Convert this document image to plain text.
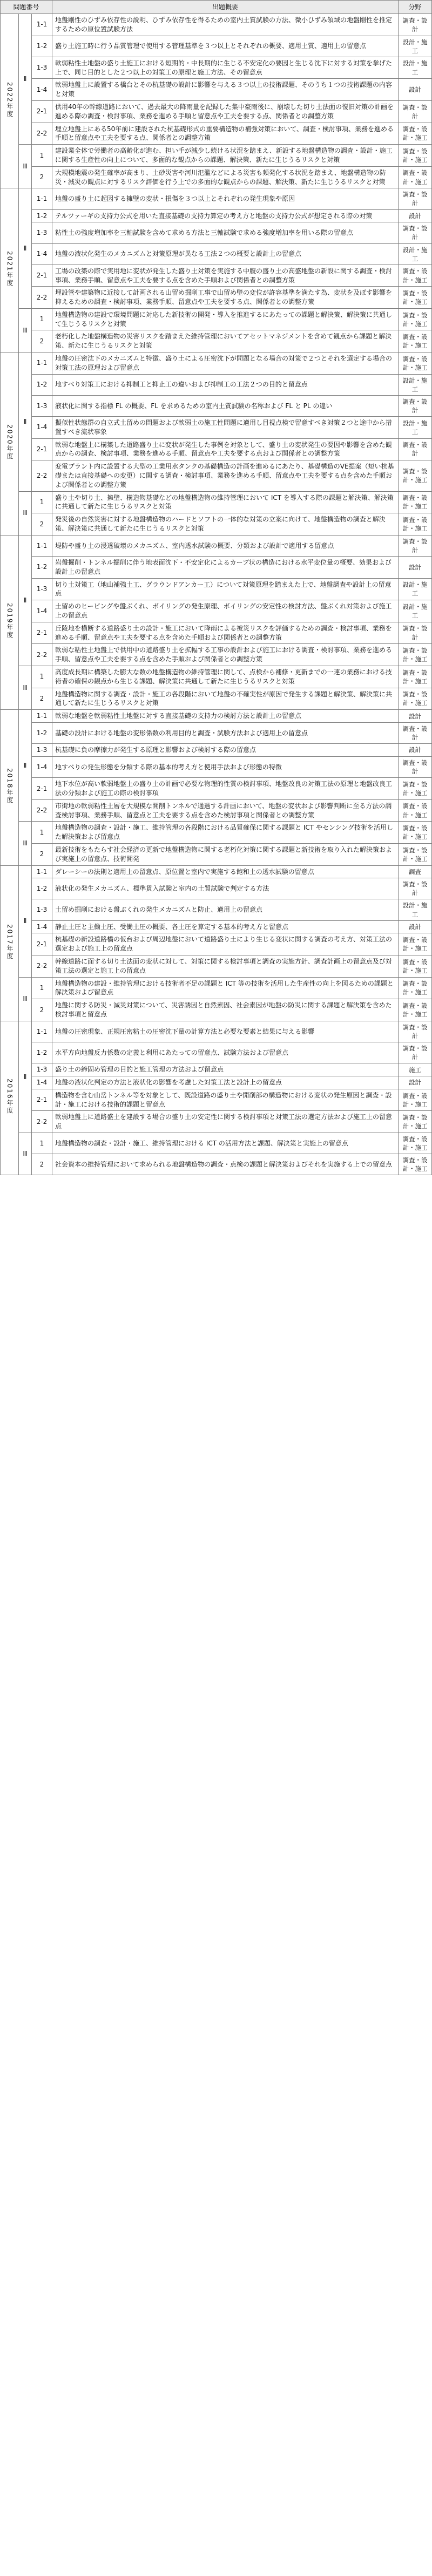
問題番号			出題概要	分野
2022年度	Ⅱ	1-1	地盤剛性のひずみ依存性の説明、ひずみ依存性を得るための室内土質試験の方法、微小ひずみ領域の地盤剛性を推定するための原位置試験方法	調査・設計
		1-2	盛り土施工時に行う品質管理で使用する管理基準を３つ以上とそれぞれの概要、適用土質、適用上の留意点	設計・施工
		1-3	軟弱粘性土地盤の盛り土施工における短期的・中長期的に生じる不安定化の要因と生じる沈下に対する対策を挙げた上で、同じ目的とした２つ以上の対策工の原理と施工方法、その留意点	設計・施工
		1-4	軟弱地盤上に設置する橋台とその杭基礎の設計に影響を与える３つ以上の技術課題、そのうち１つの技術課題の内容と対策	設計
		2-1	供用40年の幹線道路において、過去最大の降雨量を記録した集中豪雨後に、崩壊した切り土法面の復旧対策の計画を進める際の調査・検討事項、業務を進める手順と留意点や工夫を要する点、関係者との調整方策	調査・設計
		2-2	埋立地盤上にある50年前に建設された杭基礎形式の重要構造物の補強対策において、調査・検討事項、業務を進める手順と留意点や工夫を要する点、関係者との調整方策	調査・設計・施工
	Ⅲ	1	建設業全体で労働者の高齢化が進む、担い手が減少し続ける状況を踏まえ、新設する地盤構造物の調査・設計・施工に関する生産性の向上について、多面的な観点からの課題、解決策、新たに生じうるリスクと対策	調査・設計・施工
		2	大規模地震の発生確率が高まり、土砂災害や河川氾濫などによる災害も頻発化する状況を踏まえ、地盤構造物の防災・減災の観点に対するリスク評価を行う上での多面的な観点からの課題、解決策、新たに生じうるリスクと対策	調査・設計・施工
2021年度	Ⅱ	1-1	地盤の盛り土に起因する擁壁の変状・損傷を３つ以上とそれぞれの発生現象や原因	調査・設計
		1-2	テルツァーギの支持力公式を用いた直接基礎の支持力算定の考え方と地盤の支持力公式が想定される際の対策	設計
		1-3	粘性土の強度増加率を三軸試験を含めて求める方法と三軸試験で求める強度増加率を用いる際の留意点	調査・設計
		1-4	地盤の液状化発生のメカニズムと対策原理が異なる工法２つの概要と設計上の留意点	設計・施工
		2-1	工場の改築の際で実用地に変状が発生した盛り土対策を実施する中腹の盛り土の高盛地盤の新設に関する調査・検討事項、業務手順、留意点や工夫を要する点を含めた手順および関係者との調整方策	調査・設計・施工
		2-2	埋設管や建築物に近接して計画される山留め掘削工事で山留め壁の変位が許容基準を満たす為、変状を及ぼす影響を抑えるための調査・検討事項、業務手順、留意点や工夫を要する点、関係者との調整方策	調査・設計・施工
	Ⅲ	1	地盤構造物の建設で環境問題に対応した新技術の開発・導入を推進するにあたっての課題と解決策、解決策に共通して生じうるリスクと対策	調査・設計・施工
		2	老朽化した地盤構造物の災害リスクを踏まえた維持管理においてアセットマネジメントを含めて観点から課題と解決策、新たに生じうるリスクと対策	調査・設計・施工
2020年度	Ⅱ	1-1	地盤の圧密沈下のメカニズムと特徴、盛り土による圧密沈下が問題となる場合の対策で２つとそれを選定する場合の対策工法の原理および留意点	調査・設計・施工
		1-2	地すべり対策工における抑制工と抑止工の違いおよび抑制工の工法２つの目的と留意点	設計・施工
		1-3	液状化に関する指標 FL の概要、FL を求めるための室内土質試験の名称および FL と PL の違い	調査・設計
		1-4	擬似性状態群の自立式土留めの問題および軟弱土の施工性問題に適用し目視点検で留意すべき対策２つと途中から措置すべき流状事象	設計・施工
		2-1	軟弱な地盤上に構築した道路盛り土に変状が発生した事例を対象として、盛り土の変状発生の要因や影響を含めた観点からの調査、検討事項、業務を進める手順、留意点や工夫を要する点および関係者との調整方策	調査・設計
		2-2	変電プラント内に設置する大型の工業用水タンクの基礎構造の計画を進めるにあたり、基礎構造のVE提案（短い杭基礎または直接基礎への変更）に関する調査・検討事項、業務を進める手順、留意点や工夫を要する点を含めた手順および関係者との調整方策	調査・設計・施工
	Ⅲ	1	盛り土や切り土、擁壁、構造物基礎などの地盤構造物の維持管理において ICT を導入する際の課題と解決策、解決策に共通して新たに生じうるリスクと対策	調査・設計・施工
		2	発災後の自然災害に対する地盤構造物のハードとソフトの一体的な対策の立案に向けて、地盤構造物の調査と解決策、解決策に共通して新たに生じうるリスクと対策	調査・設計・施工
2019年度	Ⅱ	1-1	堤防や盛り土の浸透破壊のメカニズム、室内透水試験の概要、分類および設計で適用する留意点	調査・設計
		1-2	岩盤掘削・トンネル掘削に伴う地表面沈下・不安定化によるカーブ状の構造における水平変位量の概要、効果および設計上の留意点	設計
		1-3	切り土対策工（地山補強土工、グラウンドアンカー工）について対策原理を踏まえた上で、地盤調査や設計上の留意点	設計・施工
		1-4	土留めのヒービングや盤ぶくれ、ボイリングの発生原理、ボイリングの安定性の検討方法、盤ぶくれ対策および施工上の留意点	設計・施工
		2-1	丘陵地を横断する道路盛り土の設計・施工において降雨による被災リスクを評価するための調査・検討事項、業務を進める手順、留意点や工夫を要する点を含めた手順および関係者との調整方策	調査・設計
		2-2	軟弱な粘性土地盤上で供用中の道路盛り土を拡幅する工事の設計および施工における調査・検討事項、業務を進める手順、留意点や工夫を要する点を含めた手順および関係者との調整方策	調査・設計・施工
	Ⅲ	1	高度成長期に構築した膨大な数の地盤構造物の維持管理に関して、点検から補修・更新までの一連の業務における技術者の確保の観点から生じる課題、解決策に共通して新たに生じうるリスクと対策	調査・設計・施工
		2	地盤構造物に関する調査・設計・施工の各段階において地盤の不確実性が原因で発生する課題と解決策、解決策に共通して新たに生じうるリスクと対策	調査・設計・施工
2018年度	Ⅱ	1-1	軟弱な地盤を軟弱粘性土地盤に対する直接基礎の支持力の検討方法と設計上の留意点	設計
		1-2	基礎の設計における地盤の変形係数の利用目的と調査・試験方法および適用上の留意点	調査・設計
		1-3	杭基礎に負の摩擦力が発生する原理と影響および検討する際の留意点	設計
		1-4	地すべりの発生形態を分類する際の基本的考え方と使用手法および形態の特徴	調査・設計
		2-1	地下水位が高い軟弱地盤上の盛り土の計画で必要な物理的性質の検討事項、地盤改良の対策工法の原理と地盤改良工法の分類および施工の際の検討事項	調査・設計・施工
		2-2	市街地の軟弱粘性土層を大規模な開削トンネルで通過する計画において、地盤の変状および影響判断に至る方法の調査検討事項、業務手順、留意点と工夫を要する点を含めた検討事項と関係者との調整方策	調査・設計・施工
	Ⅲ	1	地盤構造物の調査・設計・施工、維持管理の各段階における品質確保に関する課題と ICT やセンシング技術を活用した解決策および留意点	調査・設計・施工
		2	最新技術をもたらす社会経済の更新で地盤構造物に関する老朽化対策に関する課題と新技術を取り入れた解決策および実施上の留意点、技術開発	調査・設計・施工
2017年度	Ⅱ	1-1	ダレーシーの法則と適用上の留意点、原位置と室内で実施する飽和土の透水試験の留意点	調査
		1-2	液状化の発生メカニズム、標準貫入試験と室内の土質試験で判定する方法	調査・設計
		1-3	土留め掘削における盤ぶくれの発生メカニズムと防止、適用上の留意点	設計・施工
		1-4	静止土圧と主働土圧、受働土圧の概要、各土圧を算定する基本的考え方と留意点	設計
		2-1	杭基礎の新設道路橋の仮台および周辺地盤において道路盛り土により生じる変状に関する調査の考え方、対策工法の選定および施工上の留意点	調査・設計・施工
		2-2	幹線道路に面する切り土法面の変状に対して、対策に関する検討事項と調査の実施方針、調査計画上の留意点及び対策工法の選定と施工上の留意点	調査・設計・施工
	Ⅲ	1	地盤構造物の建設・維持管理における技術者不足の課題と ICT 等の技術を活用した生産性の向上を図るための課題と解決策および留意点	調査・設計・施工
		2	地盤に関する防災・減災対策について、災害誘因と自然素因、社会素因が地盤の防災に関する課題と解決策を含めた検討事項と留意点	調査・設計・施工
2016年度	Ⅱ	1-1	地盤の圧密現象、正規圧密粘土の圧密沈下量の計算方法と必要な要素と結果に与える影響	調査・設計
		1-2	水平方向地盤反力係数の定義と利用にあたっての留意点、試験方法および留意点	調査・設計
		1-3	盛り土の締固め管理の目的と施工管理の方法および留意点	施工
		1-4	地盤の液状化判定の方法と液状化の影響を考慮した対策工法と設計上の留意点	設計
		2-1	構造物を含む山岳トンネル等を対象として、既設道路の盛り土や開削部の構造物における変状の発生原因と調査・設計・施工における技術的課題と留意点	調査・設計・施工
		2-2	軟弱地盤上に道路盛土を建設する場合の盛り土の安定性に関する検討事項と対策工法の選定方法および施工上の留意点	調査・設計・施工
	Ⅲ	1	地盤構造物の調査・設計・施工、維持管理における ICT の活用方法と課題、解決策と実施上の留意点	調査・設計・施工
		2	社会資本の維持管理において求められる地盤構造物の調査・点検の課題と解決策およびそれを実施する上での留意点	調査・設計・施工
